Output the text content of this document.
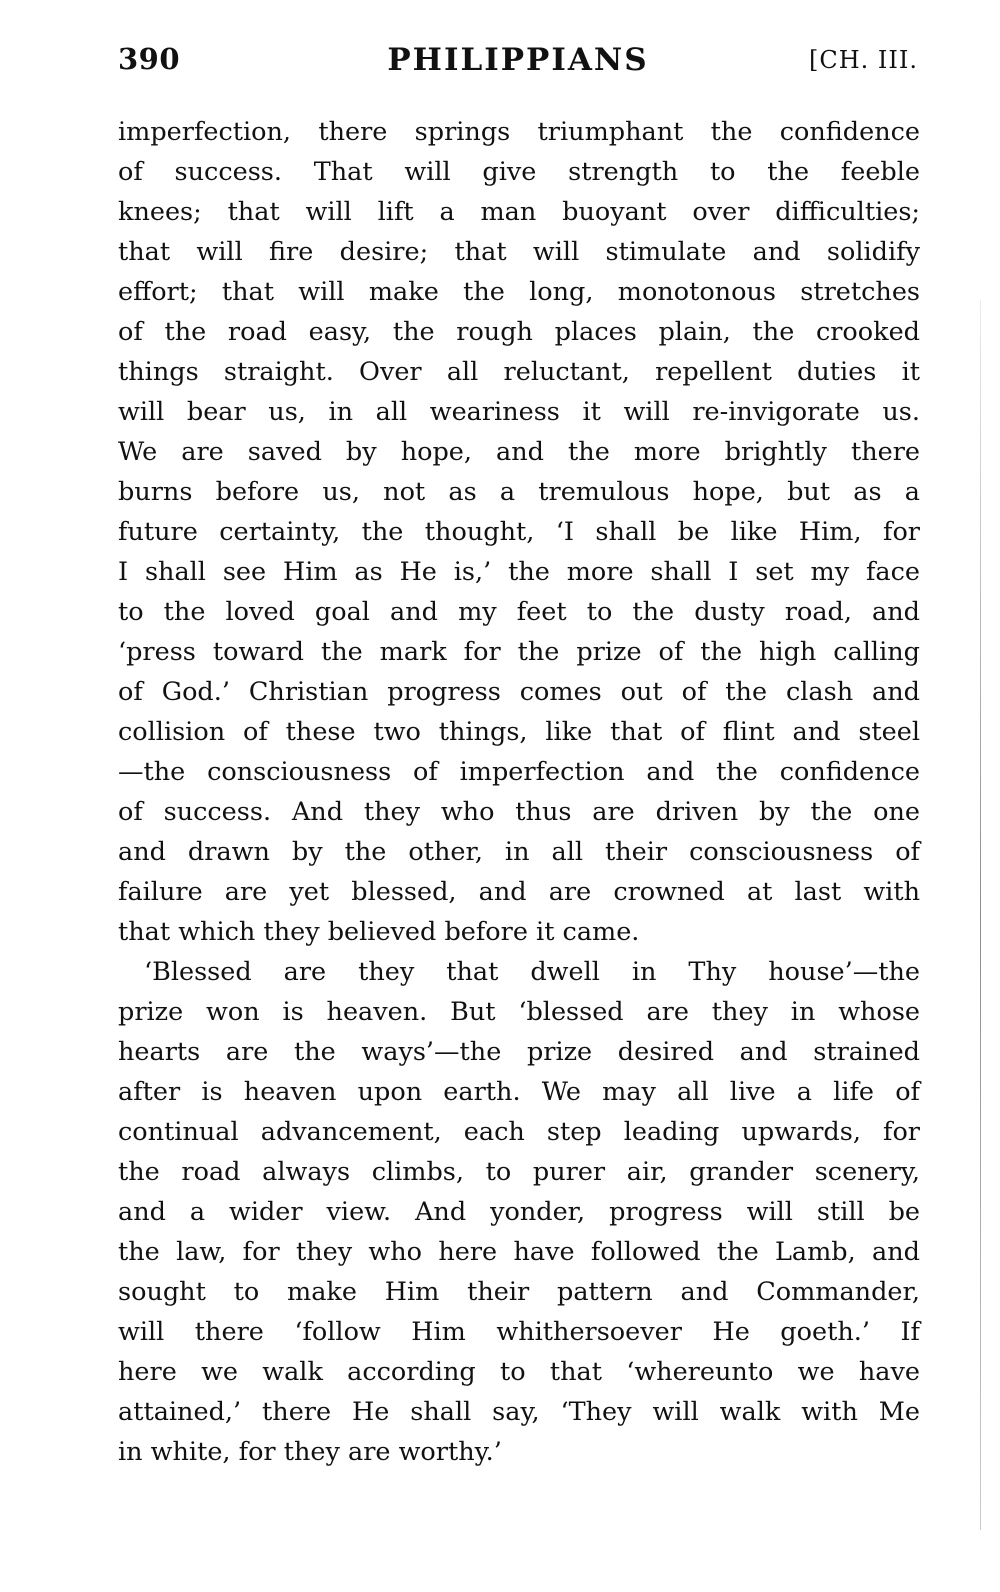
390	PHILIPPIANS	[CH. III.
imperfection, there springs triumphant the confidence
of success. That will give strength to the feeble
knees; that will lift a man buoyant over difficulties;
that will fire desire; that will stimulate and solidify
effort; that will make the long, monotonous stretches
of the road easy, the rough places plain, the crooked
things straight. Over all reluctant, repellent duties it
will bear us, in all weariness it will re-invigorate us.
We are saved by hope, and the more brightly there
burns before us, not as a tremulous hope, but as a
future certainty, the thought, ‘I shall be like Him, for
I shall see Him as He is,’ the more shall I set my face
to the loved goal and my feet to the dusty road, and
‘press toward the mark for the prize of the high calling
of God.’ Christian progress comes out of the clash and
collision of these two things, like that of flint and steel
—the consciousness of imperfection and the confidence
of success. And they who thus are driven by the one
and drawn by the other, in all their consciousness of
failure are yet blessed, and are crowned at last with
that which they believed before it came.
‘Blessed are they that dwell in Thy house’—the
prize won is heaven. But ‘blessed are they in whose
hearts are the ways’—the prize desired and strained
after is heaven upon earth. We may all live a life of
continual advancement, each step leading upwards, for
the road always climbs, to purer air, grander scenery,
and a wider view. And yonder, progress will still be
the law, for they who here have followed the Lamb, and
sought to make Him their pattern and Commander,
will there ‘follow Him whithersoever He goeth.’ If
here we walk according to that ‘whereunto we have
attained,’ there He shall say, ‘They will walk with Me
in white, for they are worthy.’
